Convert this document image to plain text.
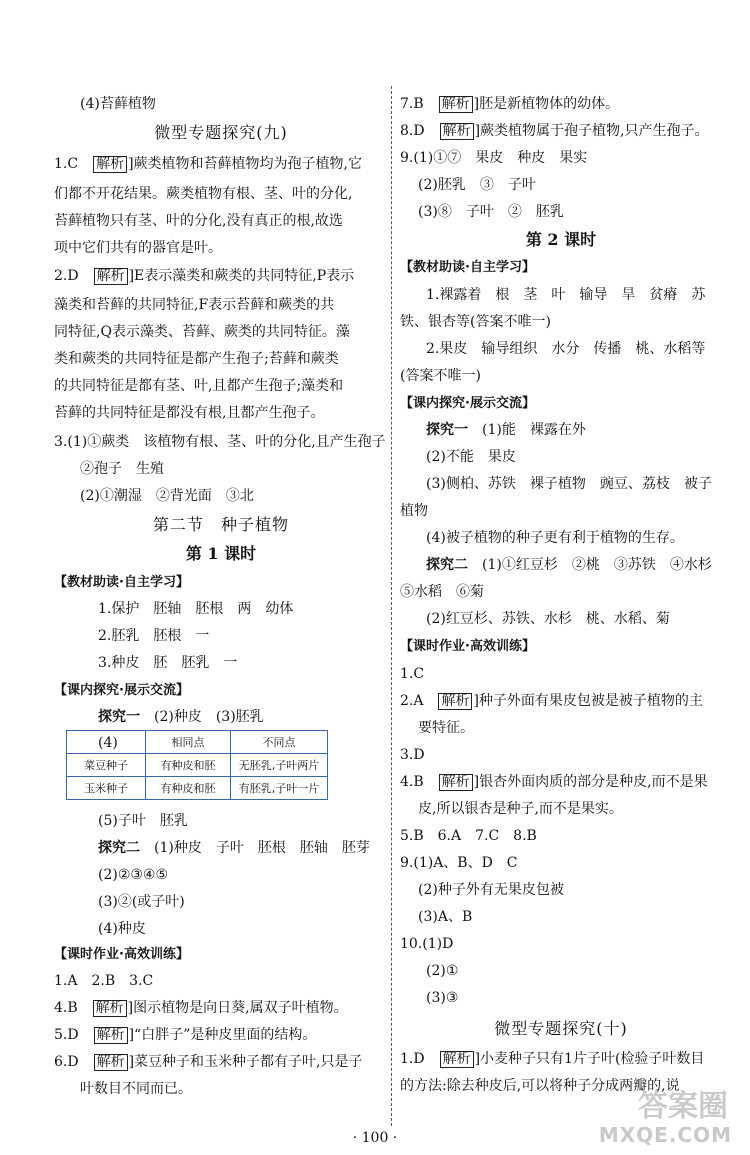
(4)苔藓植物
微型专题探究(九)
1.C　解析 ]蕨类植物和苔藓植物均为孢子植物,它
们都不开花结果。蕨类植物有根、茎、叶的分化,
苔藓植物只有茎、叶的分化,没有真正的根,故选
项中它们共有的器官是叶。
2.D　解析 ]E表示藻类和蕨类的共同特征,P表示
藻类和苔藓的共同特征,F表示苔藓和蕨类的共
同特征,Q表示藻类、苔藓、蕨类的共同特征。藻
类和蕨类的共同特征是都产生孢子;苔藓和蕨类
的共同特征是都有茎、叶,且都产生孢子;藻类和
苔藓的共同特征是都没有根,且都产生孢子。
3.(1)①蕨类　该植物有根、茎、叶的分化,且产生孢子
②孢子　生殖
(2)①潮湿　②背光面　③北
第二节　种子植物
第 1 课时
【教材助读·自主学习】
1.保护　胚轴　胚根　两　幼体
2.胚乳　胚根　一
3.种皮　胚　胚乳　一
【课内探究·展示交流】
探究一　 (2)种皮　(3)胚乳
(4)
(5)子叶　胚乳
探究二　 (1)种皮　子叶　胚根　胚轴　胚芽
(2)②③④⑤
(3)②(或子叶)
(4)种皮
【课时作业·高效训练】
1.A　2.B　3.C
4.B　解析 ]图示植物是向日葵,属双子叶植物。
5.D　解析 ]“白胖子”是种皮里面的结构。
6.D　解析 ]菜豆种子和玉米种子都有子叶,只是子
叶数目不同而已。
	相同点	不同点
菜豆种子	有种皮和胚	无胚乳,子叶两片
玉米种子	有种皮和胚	有胚乳,子叶一片
7.B　解析 ]胚是新植物体的幼体。
8.D　解析 ]蕨类植物属于孢子植物,只产生孢子。
9.(1)①⑦　果皮　种皮　果实
(2)胚乳　③　子叶
(3)⑧　子叶　②　胚乳
第 2 课时
【教材助读·自主学习】
1.裸露着　根　茎　叶　输导　旱　贫瘠　苏
铁、银杏等(答案不唯一)
2.果皮　输导组织　水分　传播　桃、水稻等
(答案不唯一)
【课内探究·展示交流】
探究一　 (1)能　裸露在外
(2)不能　果皮
(3)侧柏、苏铁　裸子植物　豌豆、荔枝　被子
植物
(4)被子植物的种子更有利于植物的生存。
探究二　 (1)①红豆杉　②桃　③苏铁　④水杉
⑤水稻　⑥菊
(2)红豆杉、苏铁、水杉　桃、水稻、菊
【课时作业·高效训练】
1.C
2.A　解析 ]种子外面有果皮包被是被子植物的主
要特征。
3.D
4.B　解析 ]银杏外面肉质的部分是种皮,而不是果
皮,所以银杏是种子,而不是果实。
5.B　6.A　7.C　8.B
9.(1)A、B、D　C
(2)种子外有无果皮包被
(3)A、B
10.(1)D
(2)①
(3)③
微型专题探究(十)
1.D　解析 ]小麦种子只有1片子叶(检验子叶数目
的方法:除去种皮后,可以将种子分成两瓣的,说
· 100 ·
答案圈
MXQE.COM
